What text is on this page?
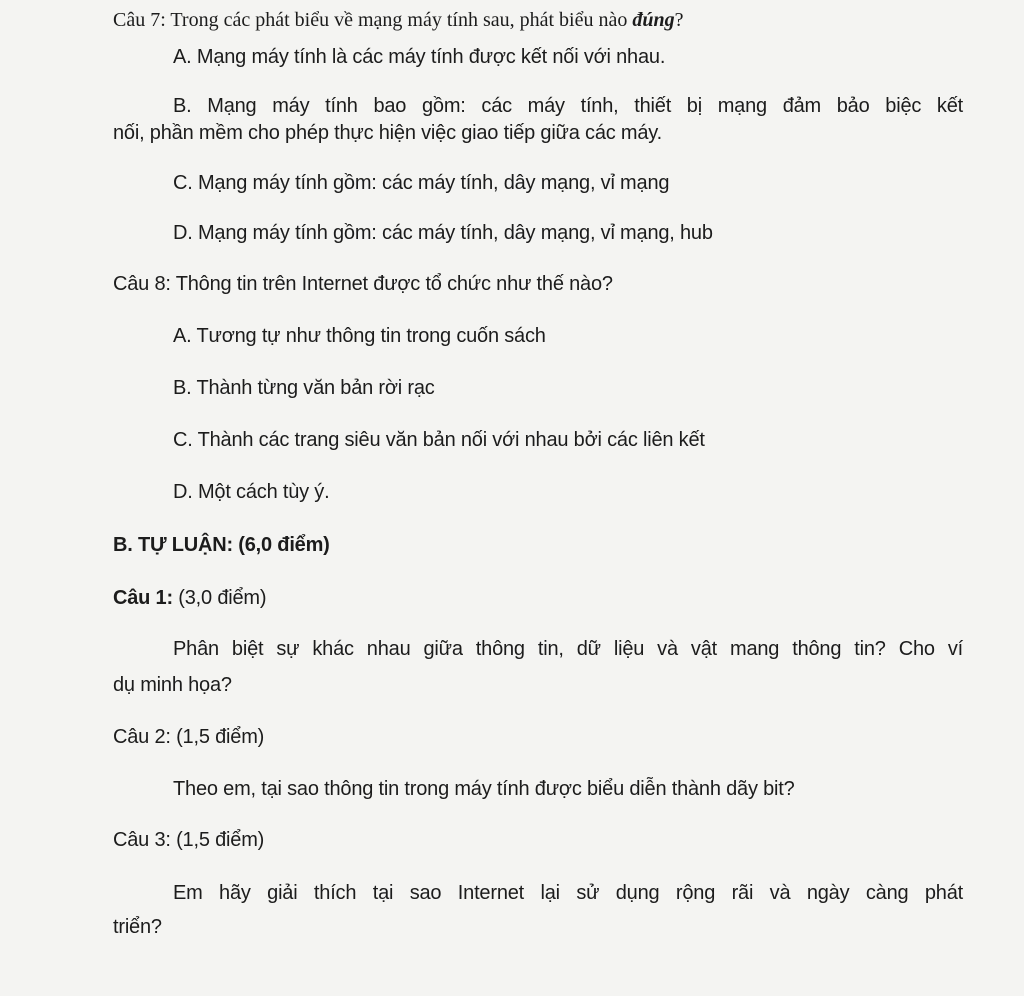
Câu 7: Trong các phát biểu về mạng máy tính sau, phát biểu nào đúng?
A. Mạng máy tính là các máy tính được kết nối với nhau.
B. Mạng máy tính bao gồm: các máy tính, thiết bị mạng đảm bảo biệc kết
nối, phần mềm cho phép thực hiện việc giao tiếp giữa các máy.
C. Mạng máy tính gồm: các máy tính, dây mạng, vỉ mạng
D. Mạng máy tính gồm: các máy tính, dây mạng, vỉ mạng, hub
Câu 8: Thông tin trên Internet được tổ chức như thế nào?
A. Tương tự như thông tin trong cuốn sách
B. Thành từng văn bản rời rạc
C. Thành các trang siêu văn bản nối với nhau bởi các liên kết
D. Một cách tùy ý.
B. TỰ LUẬN: (6,0 điểm)
Câu 1: (3,0 điểm)
Phân biệt sự khác nhau giữa thông tin, dữ liệu và vật mang thông tin? Cho ví
dụ minh họa?
Câu 2: (1,5 điểm)
Theo em, tại sao thông tin trong máy tính được biểu diễn thành dãy bit?
Câu 3: (1,5 điểm)
Em hãy giải thích tại sao Internet lại sử dụng rộng rãi và ngày càng phát
triển?
